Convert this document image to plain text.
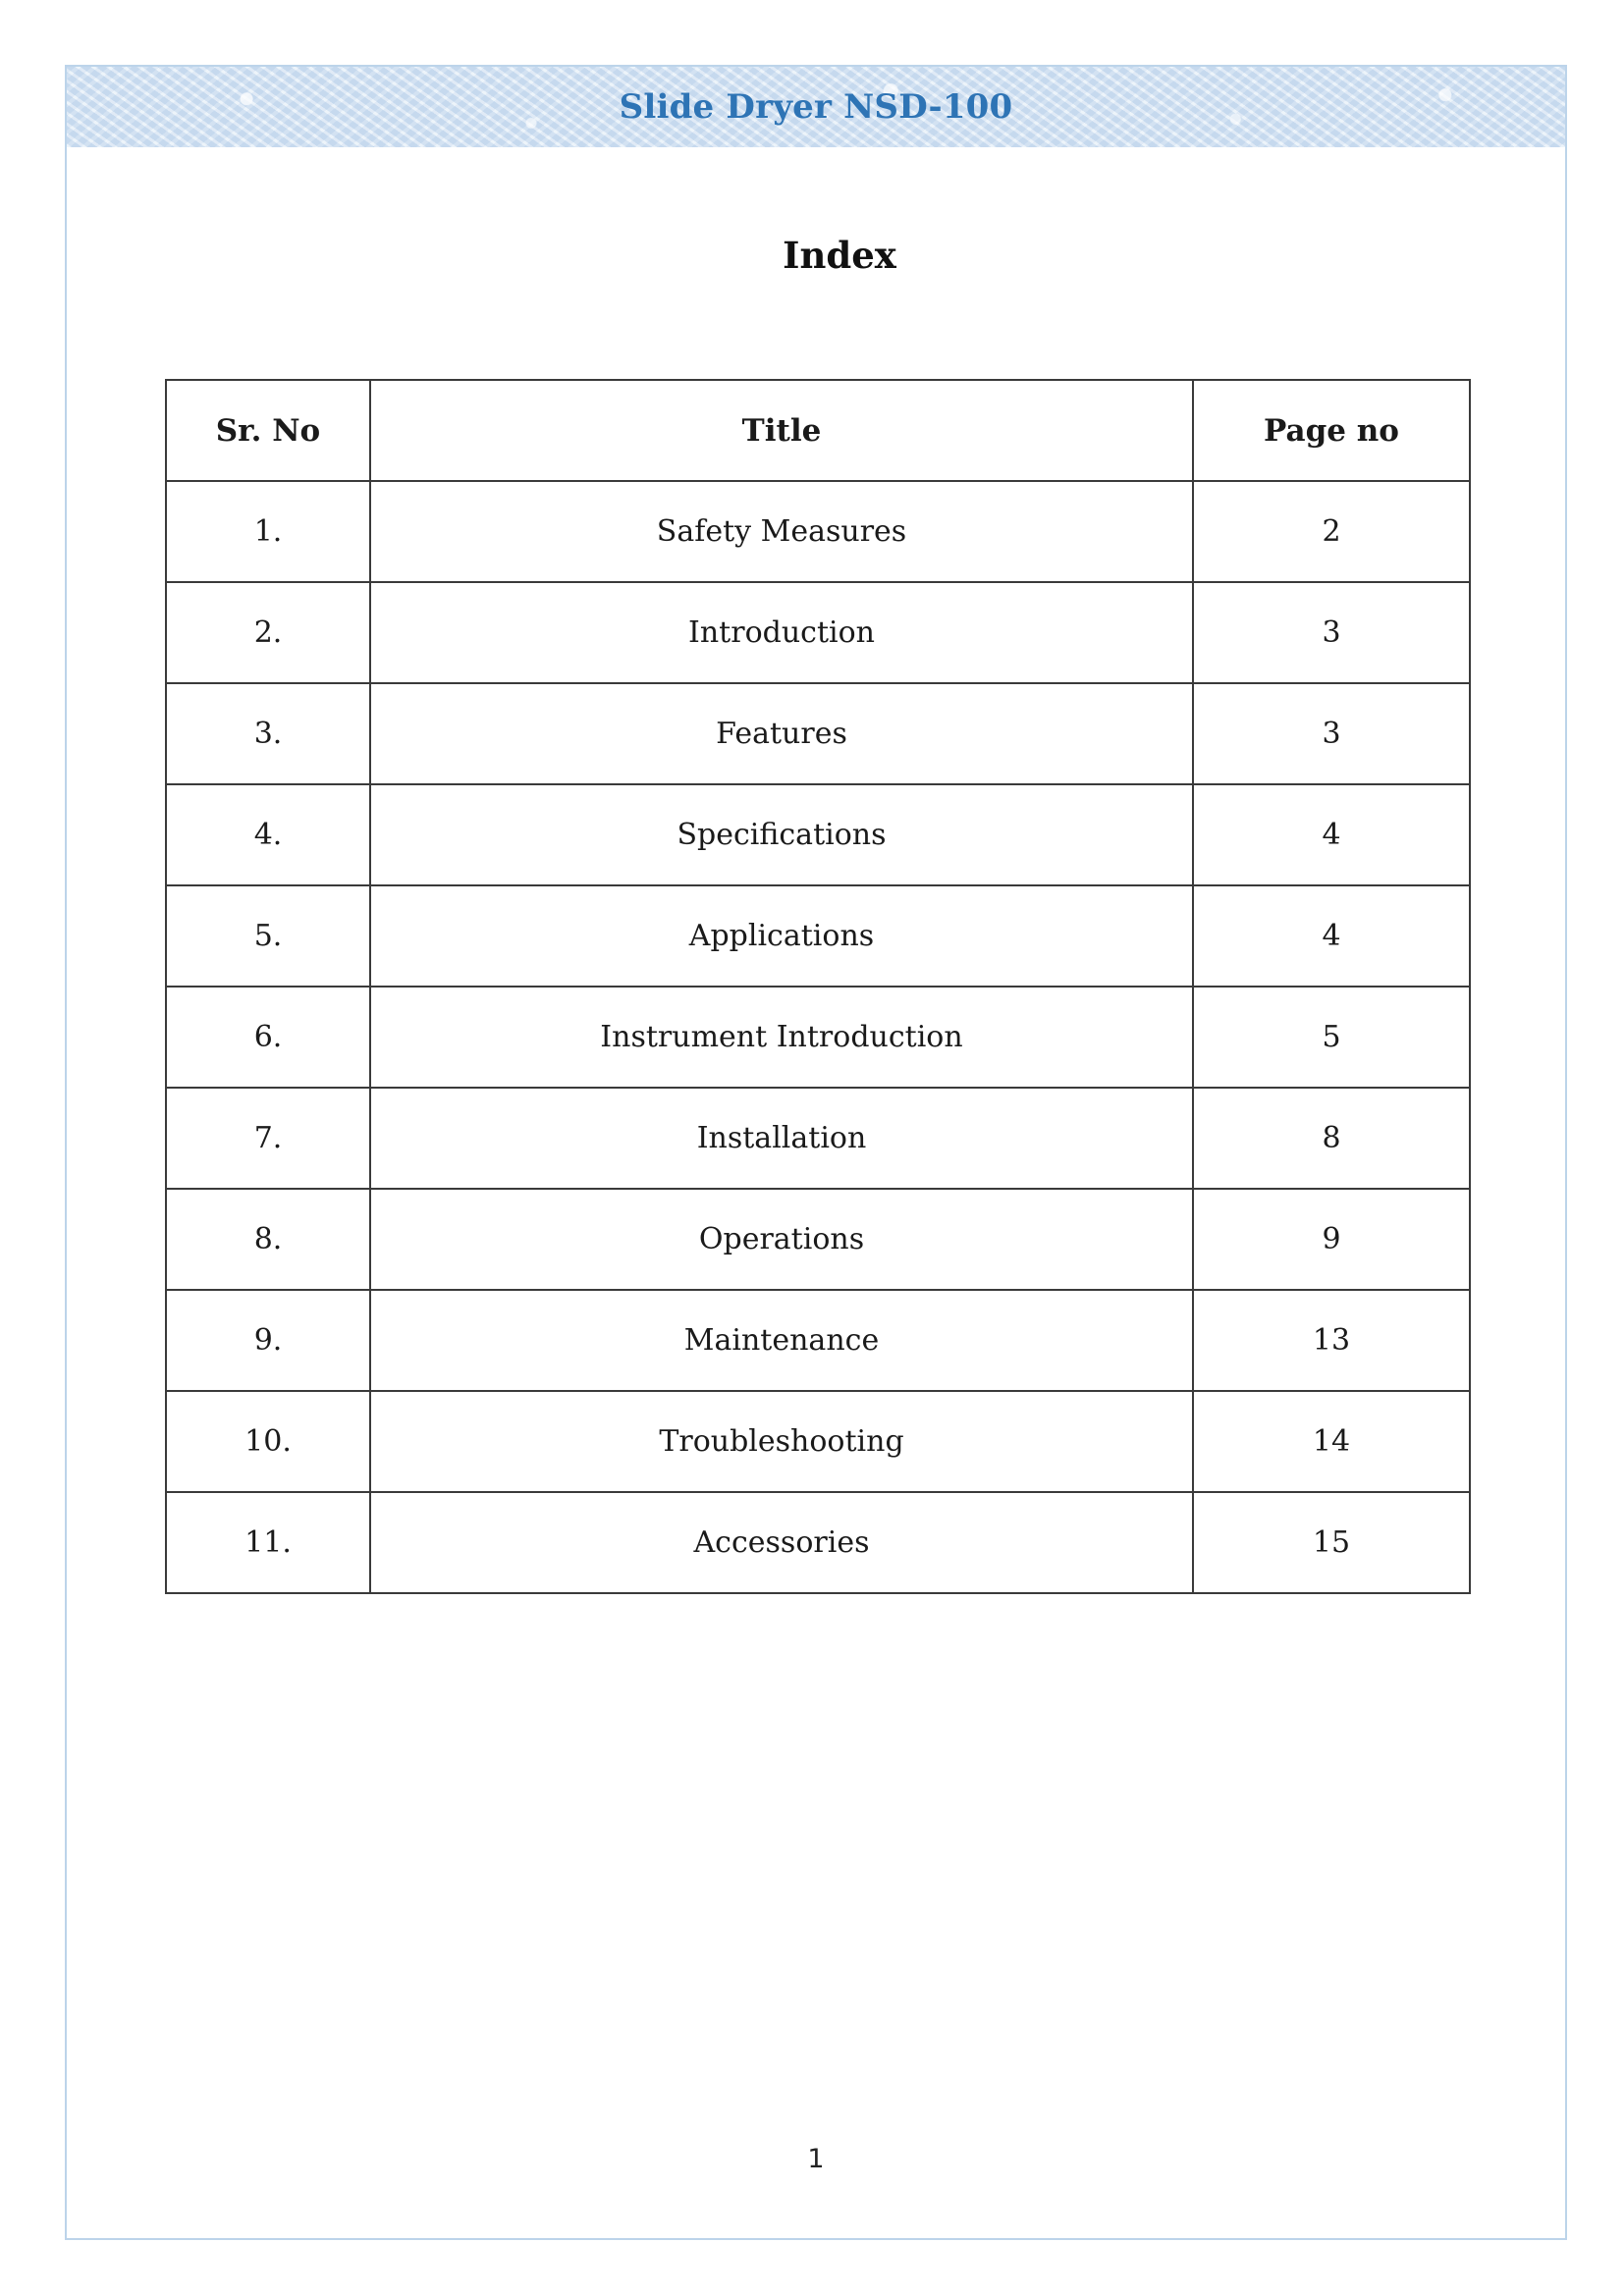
Slide Dryer NSD-100
Index
Sr. No	Title	Page no
1.	Safety Measures	2
2.	Introduction	3
3.	Features	3
4.	Specifications	4
5.	Applications	4
6.	Instrument Introduction	5
7.	Installation	8
8.	Operations	9
9.	Maintenance	13
10.	Troubleshooting	14
11.	Accessories	15
1
